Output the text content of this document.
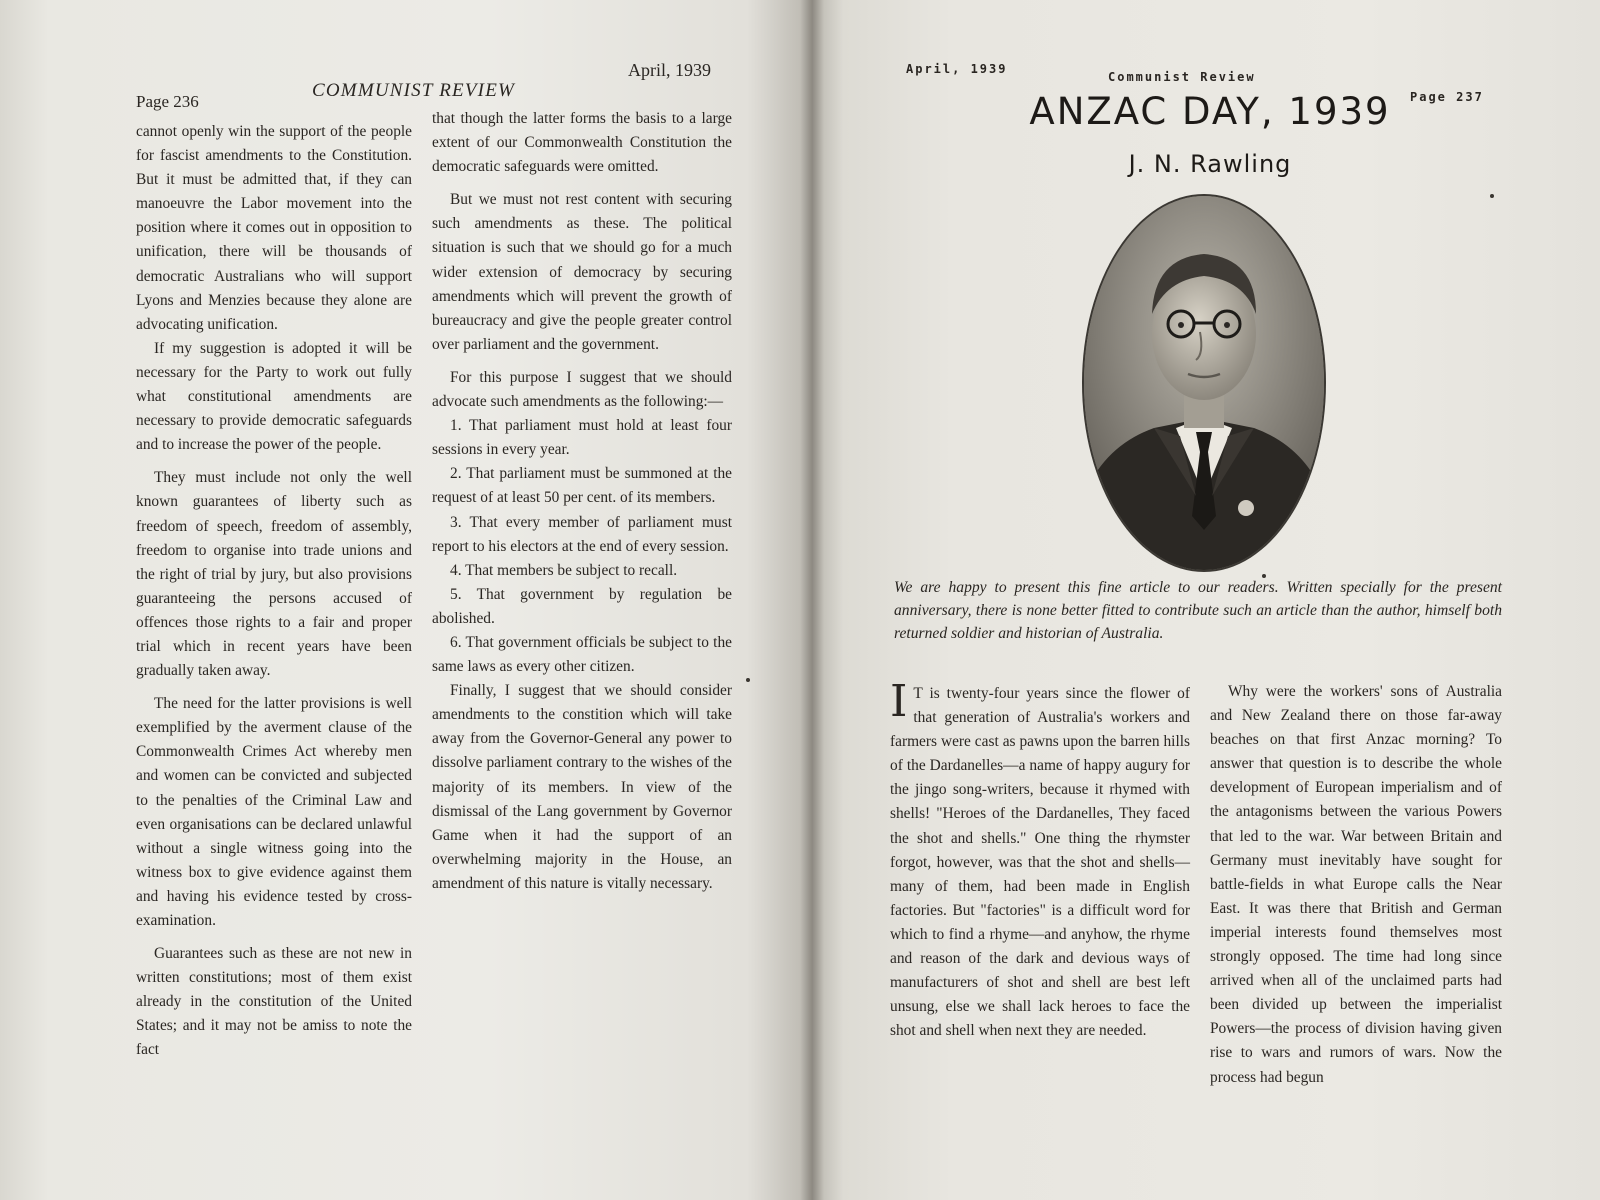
Page 236
COMMUNIST REVIEW
April, 1939

cannot openly win the support of the people for fascist amendments to the Constitution. But it must be admitted that, if they can manoeuvre the Labor movement into the position where it comes out in opposition to unification, there will be thousands of democratic Australians who will support Lyons and Menzies because they alone are advocating unification.

If my suggestion is adopted it will be necessary for the Party to work out fully what constitutional amendments are necessary to provide democratic safeguards and to increase the power of the people.

They must include not only the well known guarantees of liberty such as freedom of speech, freedom of assembly, freedom to organise into trade unions and the right of trial by jury, but also provisions guaranteeing the persons accused of offences those rights to a fair and proper trial which in recent years have been gradually taken away.

The need for the latter provisions is well exemplified by the averment clause of the Commonwealth Crimes Act whereby men and women can be convicted and subjected to the penalties of the Criminal Law and even organisations can be declared unlawful without a single witness going into the witness box to give evidence against them and having his evidence tested by cross-examination.

Guarantees such as these are not new in written constitutions; most of them exist already in the constitution of the United States; and it may not be amiss to note the fact

that though the latter forms the basis to a large extent of our Commonwealth Constitution the democratic safeguards were omitted.

But we must not rest content with securing such amendments as these. The political situation is such that we should go for a much wider extension of democracy by securing amendments which will prevent the growth of bureaucracy and give the people greater control over parliament and the government.

For this purpose I suggest that we should advocate such amendments as the following:—

1. That parliament must hold at least four sessions in every year.

2. That parliament must be summoned at the request of at least 50 per cent. of its members.

3. That every member of parliament must report to his electors at the end of every session.

4. That members be subject to recall.

5. That government by regulation be abolished.

6. That government officials be subject to the same laws as every other citizen.

Finally, I suggest that we should consider amendments to the constition which will take away from the Governor-General any power to dissolve parliament contrary to the wishes of the majority of its members. In view of the dismissal of the Lang government by Governor Game when it had the support of an overwhelming majority in the House, an amendment of this nature is vitally necessary.

April, 1939
Communist Review
Page 237
ANZAC DAY, 1939
J. N. Rawling
We are happy to present this fine article to our readers. Written specially for the present anniversary, there is none better fitted to contribute such an article than the author, himself both returned soldier and historian of Australia.
I T is twenty-four years since the flower of that generation of Australia's workers and farmers were cast as pawns upon the barren hills of the Dardanelles—a name of happy augury for the jingo song-writers, because it rhymed with shells! "Heroes of the Dardanelles, They faced the shot and shells." One thing the rhymster forgot, however, was that the shot and shells—many of them, had been made in English factories. But "factories" is a difficult word for which to find a rhyme—and anyhow, the rhyme and reason of the dark and devious ways of manufacturers of shot and shell are best left unsung, else we shall lack heroes to face the shot and shell when next they are needed.

Why were the workers' sons of Australia and New Zealand there on those far-away beaches on that first Anzac morning? To answer that question is to describe the whole development of European imperialism and of the antagonisms between the various Powers that led to the war. War between Britain and Germany must inevitably have sought for battle-fields in what Europe calls the Near East. It was there that British and German imperial interests found themselves most strongly opposed. The time had long since arrived when all of the unclaimed parts had been divided up between the imperialist Powers—the process of division having given rise to wars and rumors of wars. Now the process had begun
